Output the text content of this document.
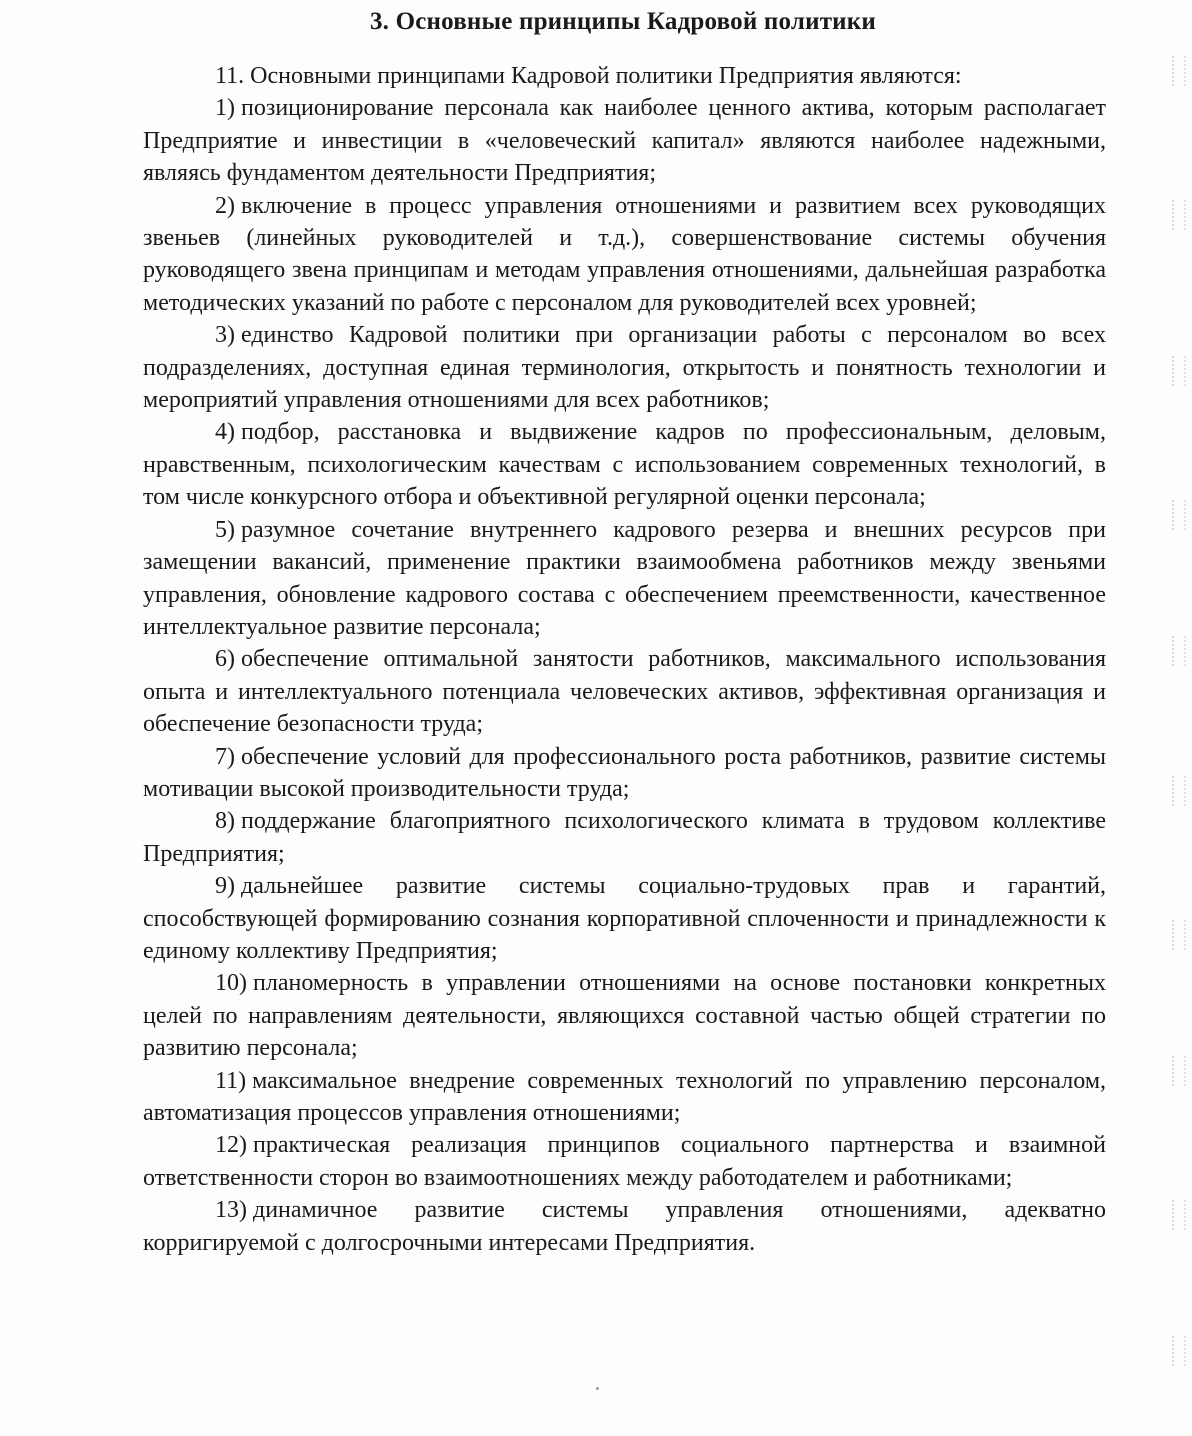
3. Основные принципы Кадровой политики

11. Основными принципами Кадровой политики Предприятия являются:

1) позиционирование персонала как наиболее ценного актива, которым располагает Предприятие и инвестиции в «человеческий капитал» являются наиболее надежными, являясь фундаментом деятельности Предприятия;

2) включение в процесс управления отношениями и развитием всех руководящих звеньев (линейных руководителей и т.д.), совершенствование системы обучения руководящего звена принципам и методам управления отношениями, дальнейшая разработка методических указаний по работе с персоналом для руководителей всех уровней;

3) единство Кадровой политики при организации работы с персоналом во всех подразделениях, доступная единая терминология, открытость и понятность технологии и мероприятий управления отношениями для всех работников;

4) подбор, расстановка и выдвижение кадров по профессиональным, деловым, нравственным, психологическим качествам с использованием современных технологий, в том числе конкурсного отбора и объективной регулярной оценки персонала;

5) разумное сочетание внутреннего кадрового резерва и внешних ресурсов при замещении вакансий, применение практики взаимообмена работников между звеньями управления, обновление кадрового состава с обеспечением преемственности, качественное интеллектуальное развитие персонала;

6) обеспечение оптимальной занятости работников, максимального использования опыта и интеллектуального потенциала человеческих активов, эффективная организация и обеспечение безопасности труда;

7) обеспечение условий для профессионального роста работников, развитие системы мотивации высокой производительности труда;

8) поддержание благоприятного психологического климата в трудовом коллективе Предприятия;

9) дальнейшее развитие системы социально-трудовых прав и гарантий, способствующей формированию сознания корпоративной сплоченности и принадлежности к единому коллективу Предприятия;

10) планомерность в управлении отношениями на основе постановки конкретных целей по направлениям деятельности, являющихся составной частью общей стратегии по развитию персонала;

11) максимальное внедрение современных технологий по управлению персоналом, автоматизация процессов управления отношениями;

12) практическая реализация принципов социального партнерства и взаимной ответственности сторон во взаимоотношениях между работодателем и работниками;

13) динамичное развитие системы управления отношениями, адекватно корригируемой с долгосрочными интересами Предприятия.
